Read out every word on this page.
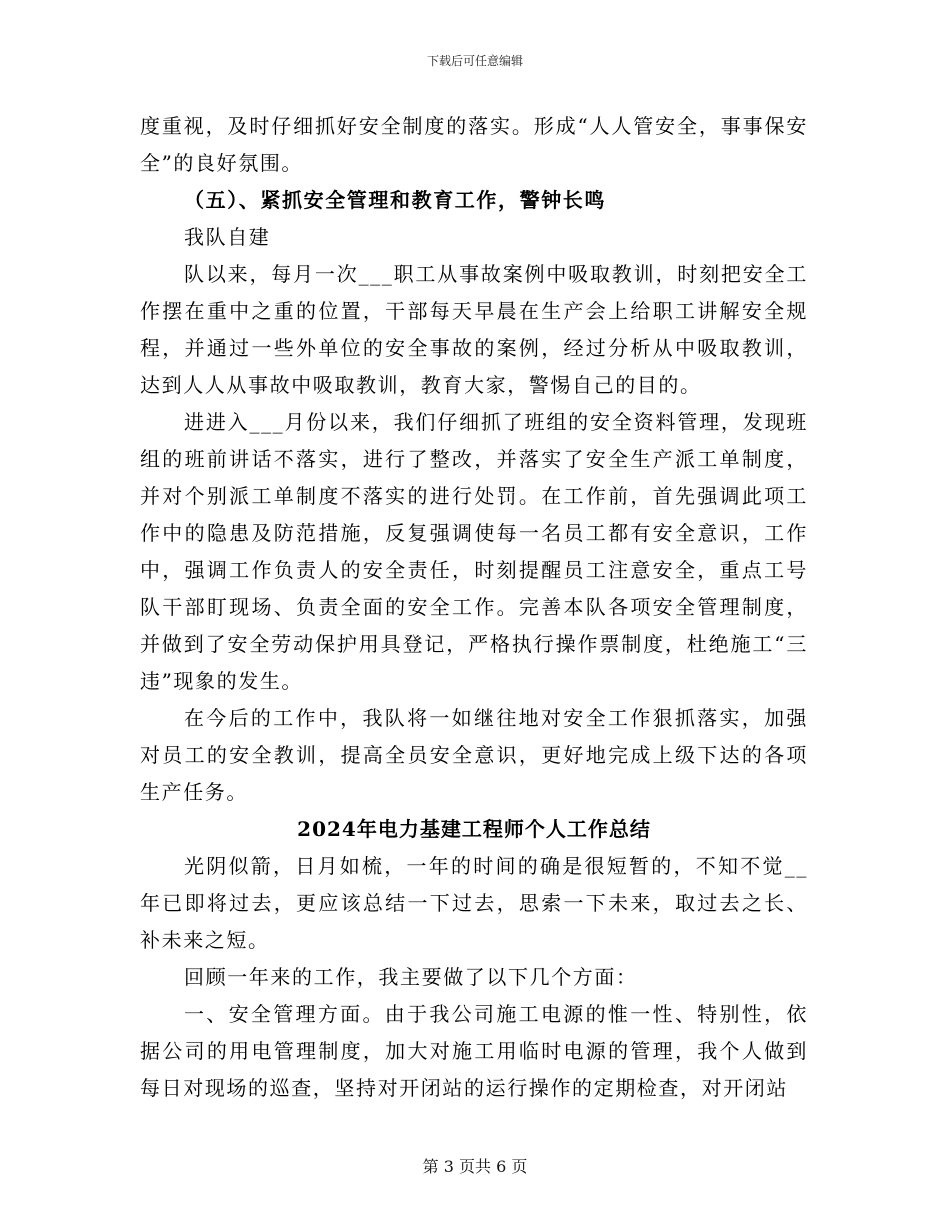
下载后可任意编辑

度重视，及时仔细抓好安全制度的落实。形成“人人管安全，事事保安全”的良好氛围。

（五）、紧抓安全管理和教育工作，警钟长鸣

我队自建

队以来，每月一次___职工从事故案例中吸取教训，时刻把安全工作摆在重中之重的位置，干部每天早晨在生产会上给职工讲解安全规程，并通过一些外单位的安全事故的案例，经过分析从中吸取教训，达到人人从事故中吸取教训，教育大家，警惕自己的目的。

进进入___月份以来，我们仔细抓了班组的安全资料管理，发现班组的班前讲话不落实，进行了整改，并落实了安全生产派工单制度，并对个别派工单制度不落实的进行处罚。在工作前，首先强调此项工作中的隐患及防范措施，反复强调使每一名员工都有安全意识，工作中，强调工作负责人的安全责任，时刻提醒员工注意安全，重点工号队干部盯现场、负责全面的安全工作。完善本队各项安全管理制度，并做到了安全劳动保护用具登记，严格执行操作票制度，杜绝施工“三违”现象的发生。

在今后的工作中，我队将一如继往地对安全工作狠抓落实，加强对员工的安全教训，提高全员安全意识，更好地完成上级下达的各项生产任务。

2024年电力基建工程师个人工作总结

光阴似箭，日月如梳，一年的时间的确是很短暂的，不知不觉__年已即将过去，更应该总结一下过去，思索一下未来，取过去之长、补未来之短。

回顾一年来的工作，我主要做了以下几个方面：

一、安全管理方面。由于我公司施工电源的惟一性、特别性，依据公司的用电管理制度，加大对施工用临时电源的管理，我个人做到每日对现场的巡查，坚持对开闭站的运行操作的定期检查，对开闭站

第 3 页共 6 页
